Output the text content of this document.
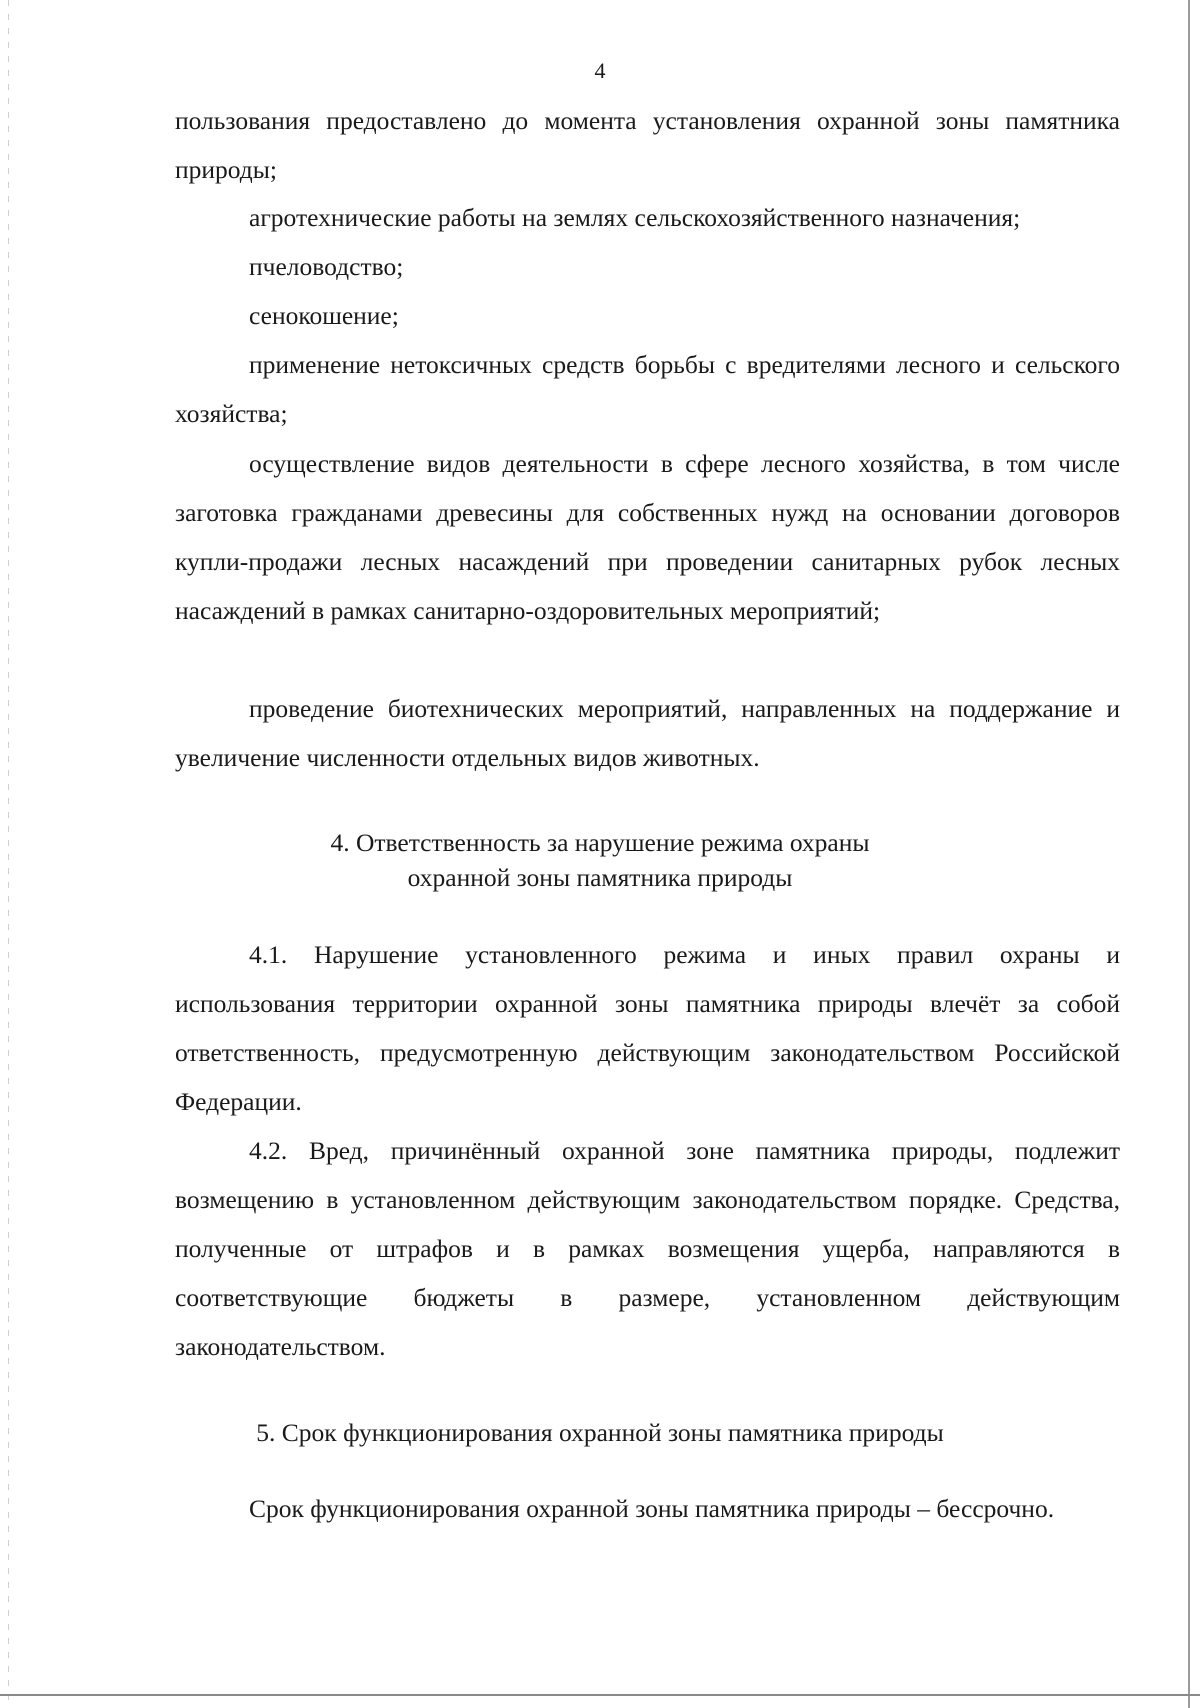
4

пользования предоставлено до момента установления охранной зоны памятника природы;

агротехнические работы на землях сельскохозяйственного назначения;
пчеловодство;
сенокошение;

применение нетоксичных средств борьбы с вредителями лесного и сельского хозяйства;

осуществление видов деятельности в сфере лесного хозяйства, в том числе заготовка гражданами древесины для собственных нужд на основании договоров купли-продажи лесных насаждений при проведении санитарных рубок лесных насаждений в рамках санитарно-оздоровительных мероприятий;

проведение биотехнических мероприятий, направленных на поддержание и увеличение численности отдельных видов животных.

4. Ответственность за нарушение режима охраны
охранной зоны памятника природы

4.1. Нарушение установленного режима и иных правил охраны и использования территории охранной зоны памятника природы влечёт за собой ответственность, предусмотренную действующим законодательством Российской Федерации.

4.2. Вред, причинённый охранной зоне памятника природы, подлежит возмещению в установленном действующим законодательством порядке. Средства, полученные от штрафов и в рамках возмещения ущерба, направляются в соответствующие бюджеты в размере, установленном действующим законодательством.

5. Срок функционирования охранной зоны памятника природы

Срок функционирования охранной зоны памятника природы – бессрочно.
